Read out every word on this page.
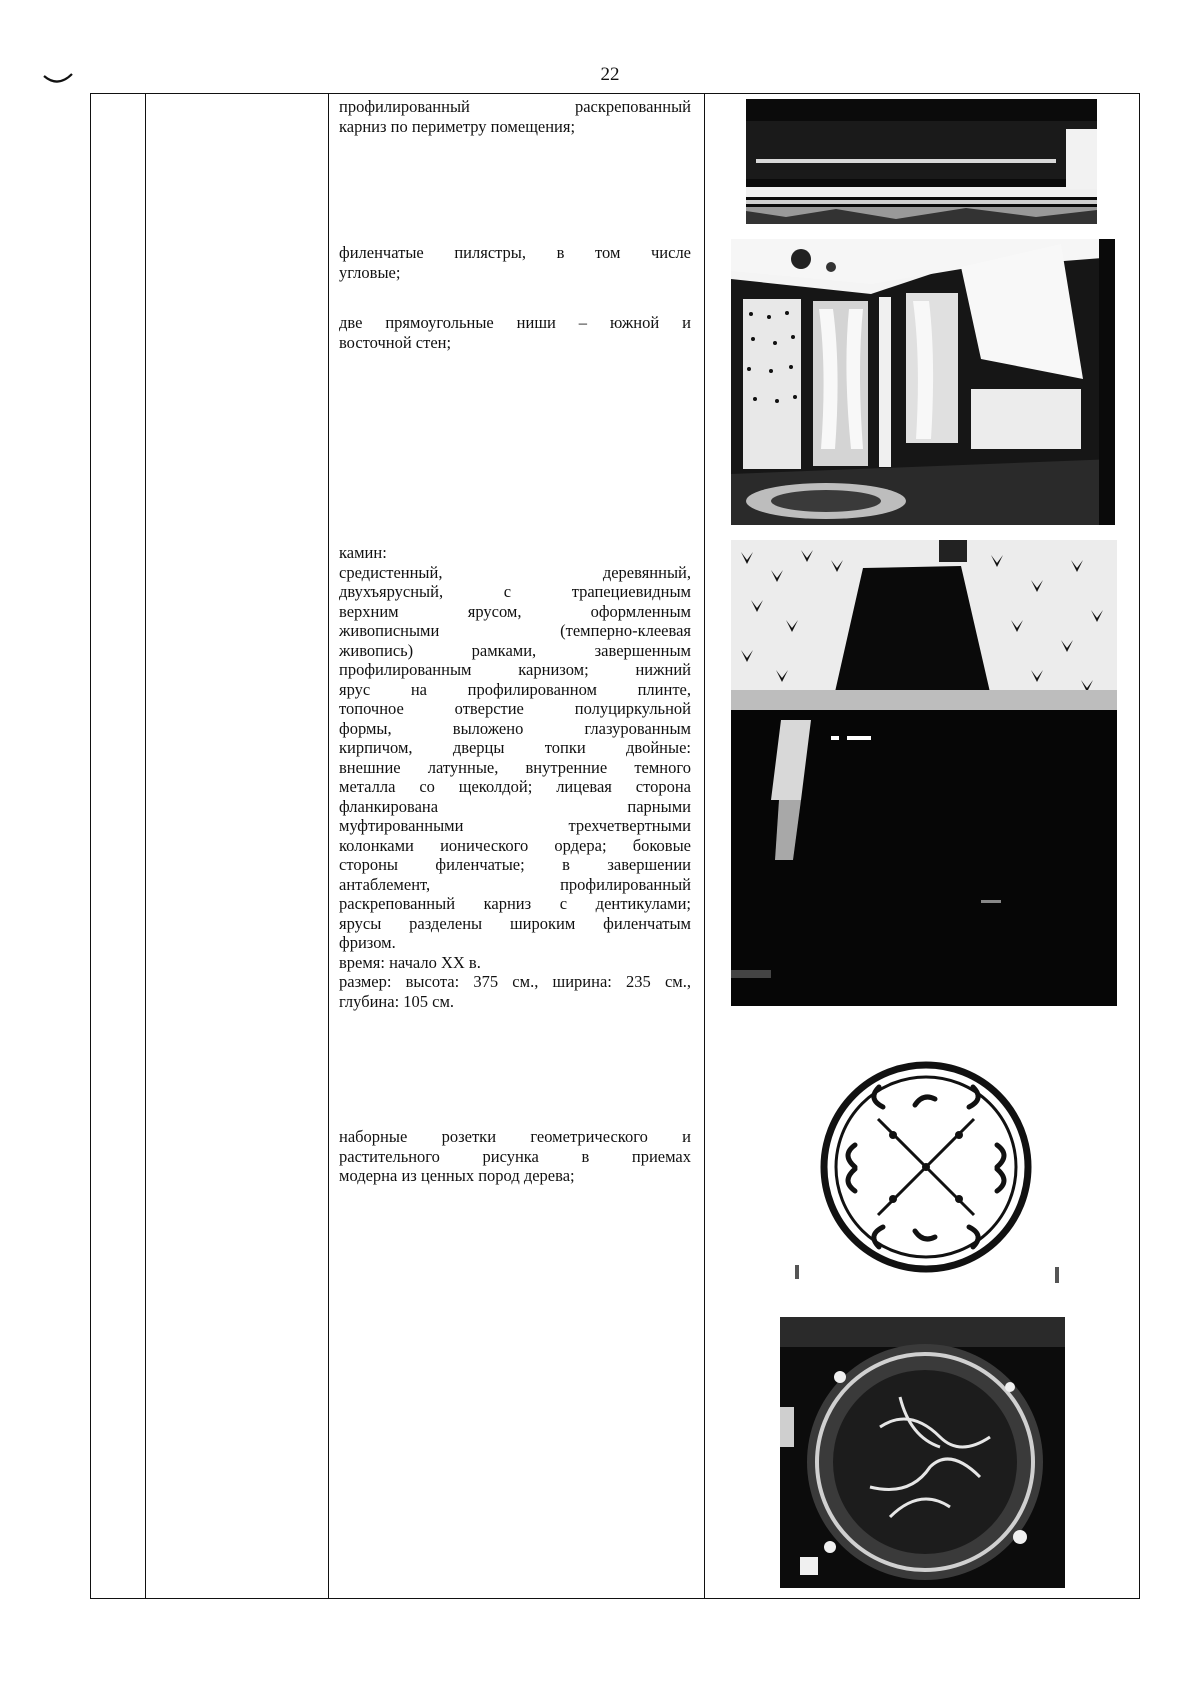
22

профилированный раскрепованный

карниз по периметру помещения;

филенчатые пилястры, в том числе

угловые;

две прямоугольные ниши – южной и

восточной стен;

камин:

средистенный, деревянный,

двухъярусный, с трапециевидным

верхним ярусом, оформленным

живописными (темперно-клеевая

живопись) рамками, завершенным

профилированным карнизом; нижний

ярус на профилированном плинте,

топочное отверстие полуциркульной

формы, выложено глазурованным

кирпичом, дверцы топки двойные:

внешние латунные, внутренние темного

металла со щеколдой; лицевая сторона

фланкирована парными

муфтированными трехчетвертными

колонками ионического ордера; боковые

стороны филенчатые; в завершении

антаблемент, профилированный

раскрепованный карниз с дентикулами;

ярусы разделены широким филенчатым

фризом.

время: начало XX в.

размер: высота: 375 см., ширина: 235 см.,

глубина: 105 см.

наборные розетки геометрического и

растительного рисунка в приемах

модерна из ценных пород дерева;
